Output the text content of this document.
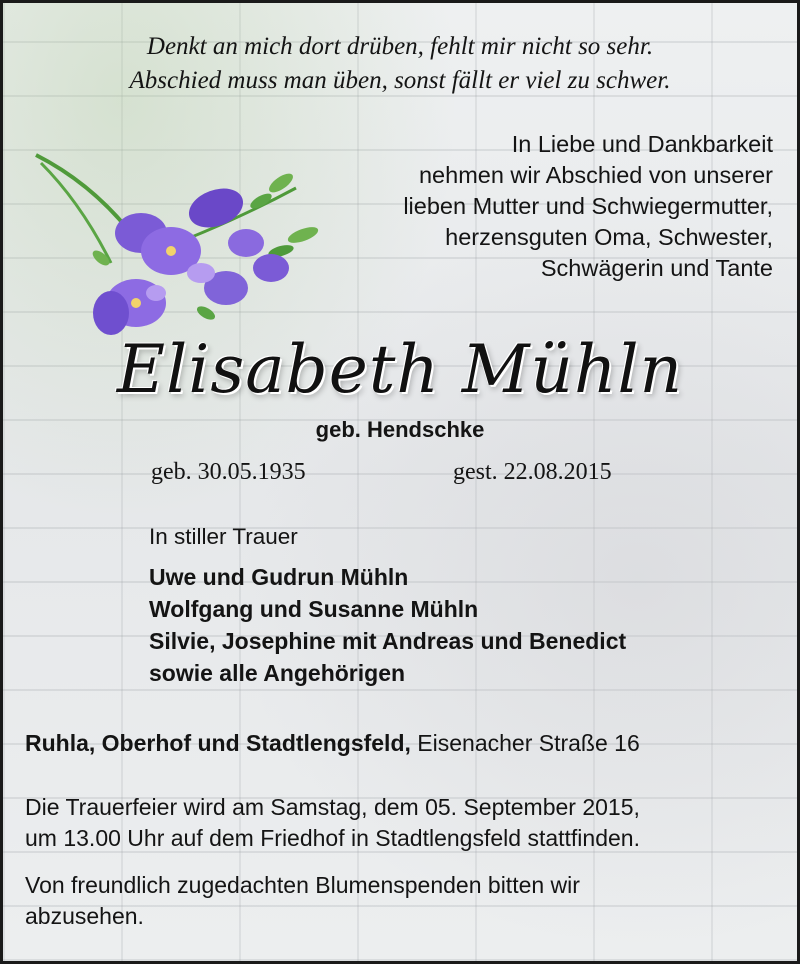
Denkt an mich dort drüben, fehlt mir nicht so sehr.
Abschied muss man üben, sonst fällt er viel zu schwer.
In Liebe und Dankbarkeit
nehmen wir Abschied von unserer
lieben Mutter und Schwiegermutter,
herzensguten Oma, Schwester,
Schwägerin und Tante
Elisabeth Mühln
geb. Hendschke
geb. 30.05.1935	gest. 22.08.2015
In stiller Trauer
Uwe und Gudrun Mühln
Wolfgang und Susanne Mühln
Silvie, Josephine mit Andreas und Benedict
sowie alle Angehörigen
Ruhla, Oberhof und Stadtlengsfeld, Eisenacher Straße 16
Die Trauerfeier wird am Samstag, dem 05. September 2015,
um 13.00 Uhr auf dem Friedhof in Stadtlengsfeld stattfinden.
Von freundlich zugedachten Blumenspenden bitten wir
abzusehen.
